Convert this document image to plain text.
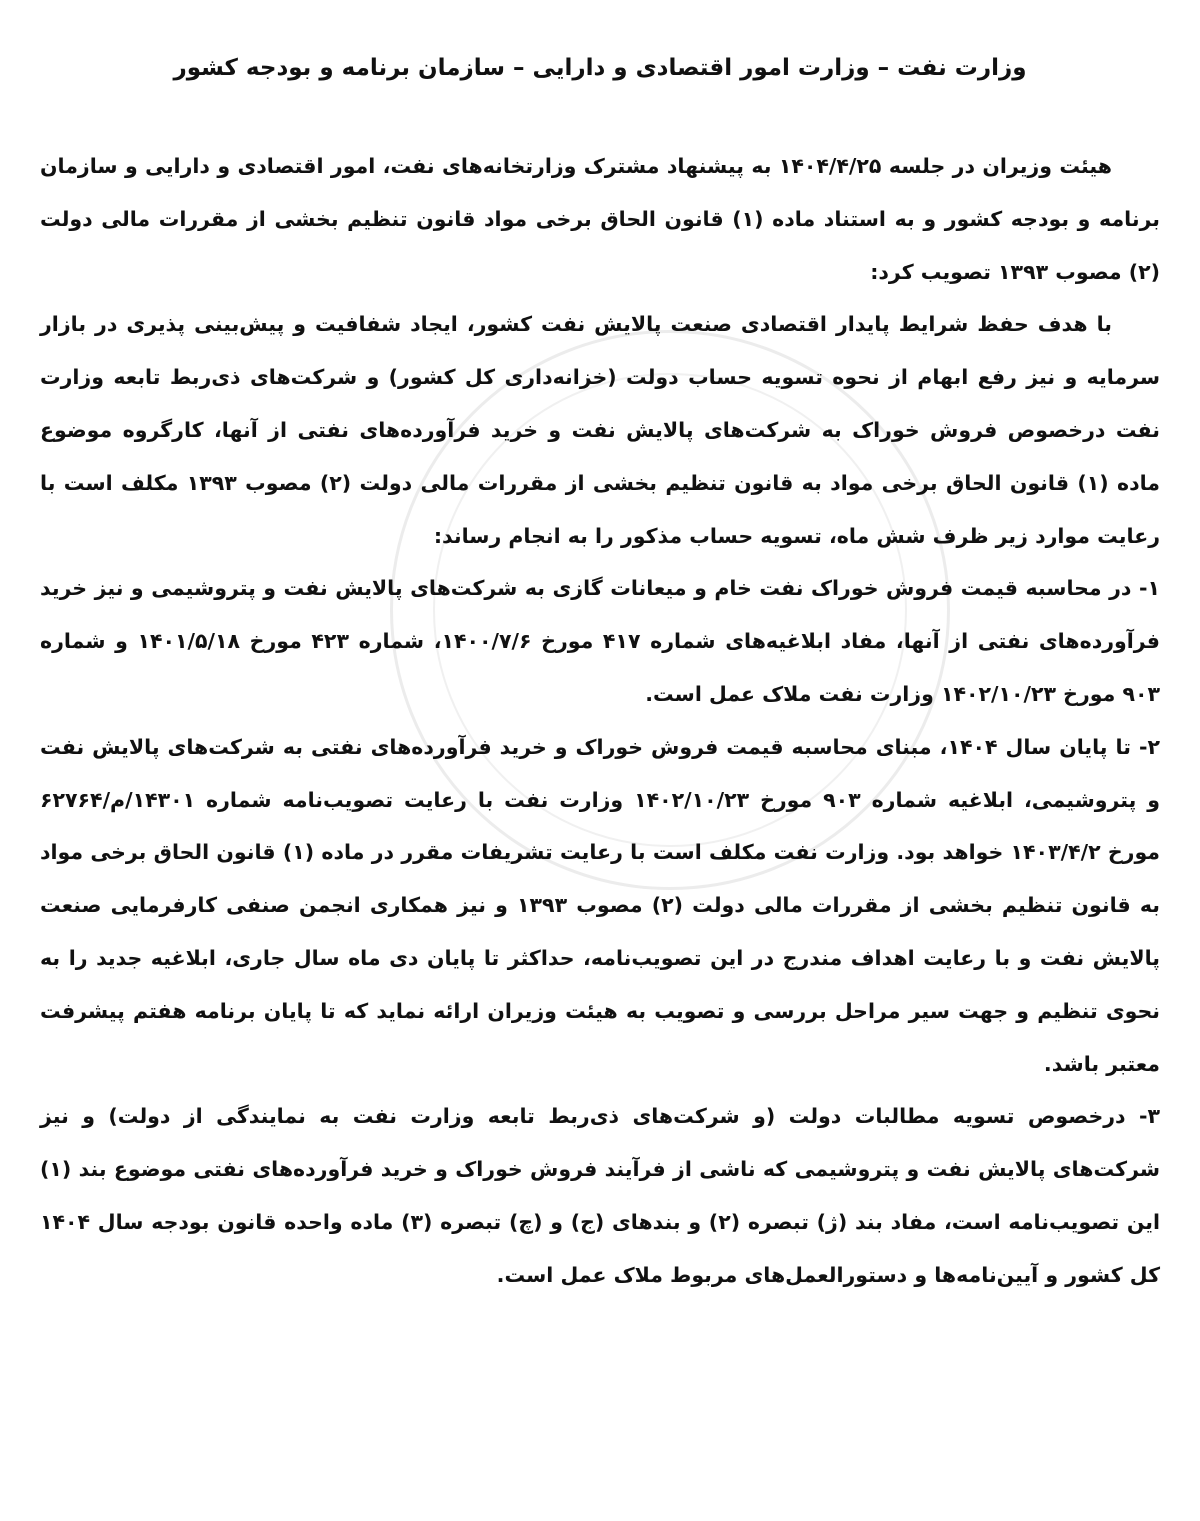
وزارت نفت – وزارت امور اقتصادی و دارایی – سازمان برنامه و بودجه کشور

هیئت وزیران در جلسه ۱۴۰۴/۴/۲۵ به پیشنهاد مشترک وزارتخانه‌های نفت، امور اقتصادی و دارایی و سازمان برنامه و بودجه کشور و به استناد ماده (۱) قانون الحاق برخی مواد قانون تنظیم بخشی از مقررات مالی دولت (۲) مصوب ۱۳۹۳ تصویب کرد:

با هدف حفظ شرایط پایدار اقتصادی صنعت پالایش نفت کشور، ایجاد شفافیت و پیش‌بینی پذیری در بازار سرمایه و نیز رفع ابهام از نحوه تسویه حساب دولت (خزانه‌داری کل کشور) و شرکت‌های ذی‌ربط تابعه وزارت نفت درخصوص فروش خوراک به شرکت‌های پالایش نفت و خرید فرآورده‌های نفتی از آنها، کارگروه موضوع ماده (۱) قانون الحاق برخی مواد به قانون تنظیم بخشی از مقررات مالی دولت (۲) مصوب ۱۳۹۳ مکلف است با رعایت موارد زیر ظرف شش ماه، تسویه حساب مذکور را به انجام رساند:

۱- در محاسبه قیمت فروش خوراک نفت خام و میعانات گازی به شرکت‌های پالایش نفت و پتروشیمی و نیز خرید فرآورده‌های نفتی از آنها، مفاد ابلاغیه‌های شماره ۴۱۷ مورخ ۱۴۰۰/۷/۶، شماره ۴۲۳ مورخ ۱۴۰۱/۵/۱۸ و شماره ۹۰۳ مورخ ۱۴۰۲/۱۰/۲۳ وزارت نفت ملاک عمل است.

۲- تا پایان سال ۱۴۰۴، مبنای محاسبه قیمت فروش خوراک و خرید فرآورده‌های نفتی به شرکت‌های پالایش نفت و پتروشیمی، ابلاغیه شماره ۹۰۳ مورخ ۱۴۰۲/۱۰/۲۳ وزارت نفت با رعایت تصویب‌نامه شماره ۱۴۳۰۱/م/۶۲۷۶۴ مورخ ۱۴۰۳/۴/۲ خواهد بود. وزارت نفت مکلف است با رعایت تشریفات مقرر در ماده (۱) قانون الحاق برخی مواد به قانون تنظیم بخشی از مقررات مالی دولت (۲) مصوب ۱۳۹۳ و نیز همکاری انجمن صنفی کارفرمایی صنعت پالایش نفت و با رعایت اهداف مندرج در این تصویب‌نامه، حداکثر تا پایان دی ماه سال جاری، ابلاغیه جدید را به نحوی تنظیم و جهت سیر مراحل بررسی و تصویب به هیئت وزیران ارائه نماید که تا پایان برنامه هفتم پیشرفت معتبر باشد.

۳- درخصوص تسویه مطالبات دولت (و شرکت‌های ذی‌ربط تابعه وزارت نفت به نمایندگی از دولت) و نیز شرکت‌های پالایش نفت و پتروشیمی که ناشی از فرآیند فروش خوراک و خرید فرآورده‌های نفتی موضوع بند (۱) این تصویب‌نامه است، مفاد بند (ژ) تبصره (۲) و بندهای (ج) و (چ) تبصره (۳) ماده واحده قانون بودجه سال ۱۴۰۴ کل کشور و آیین‌نامه‌ها و دستورالعمل‌های مربوط ملاک عمل است.
